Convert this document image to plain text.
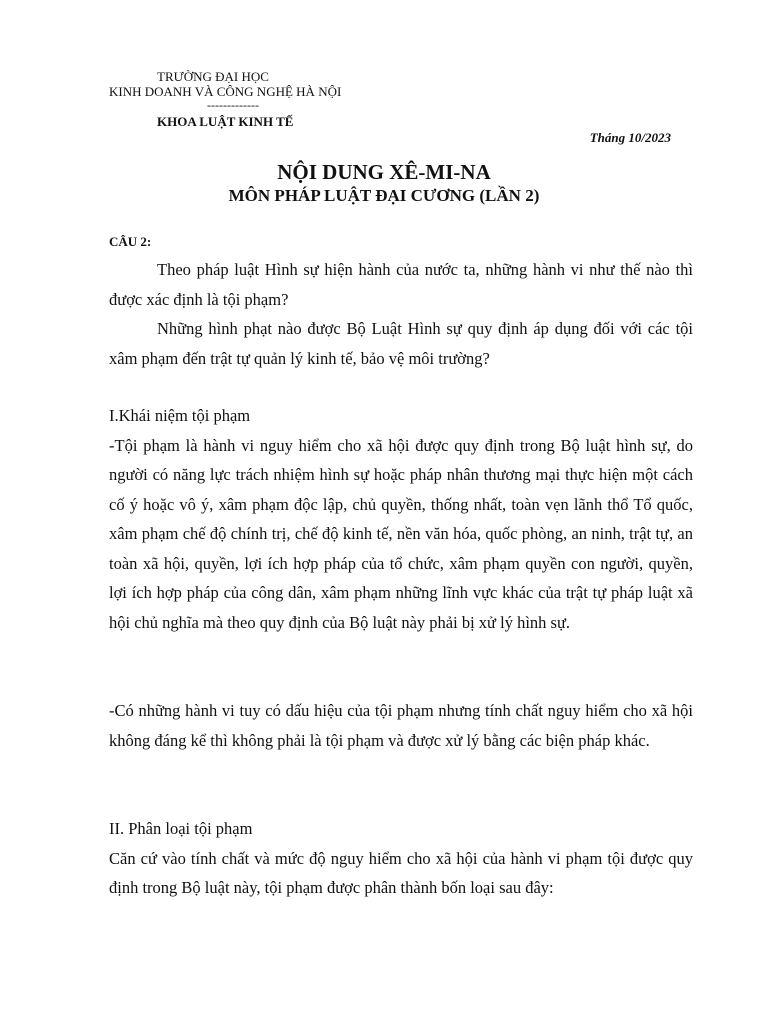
TRƯỜNG ĐẠI HỌC
KINH DOANH VÀ CÔNG NGHỆ HÀ NỘI
-------------
KHOA LUẬT KINH TẾ
Tháng 10/2023
NỘI DUNG XÊ-MI-NA
MÔN PHÁP LUẬT ĐẠI CƯƠNG (LẦN 2)
CÂU 2:

Theo pháp luật Hình sự hiện hành của nước ta, những hành vi như thế nào thì được xác định là tội phạm?

Những hình phạt nào được Bộ Luật Hình sự quy định áp dụng đối với các tội xâm phạm đến trật tự quản lý kinh tế, bảo vệ môi trường?

I.Khái niệm tội phạm

-Tội phạm là hành vi nguy hiểm cho xã hội được quy định trong Bộ luật hình sự, do người có năng lực trách nhiệm hình sự hoặc pháp nhân thương mại thực hiện một cách cố ý hoặc vô ý, xâm phạm độc lập, chủ quyền, thống nhất, toàn vẹn lãnh thổ Tổ quốc, xâm phạm chế độ chính trị, chế độ kinh tế, nền văn hóa, quốc phòng, an ninh, trật tự, an toàn xã hội, quyền, lợi ích hợp pháp của tổ chức, xâm phạm quyền con người, quyền, lợi ích hợp pháp của công dân, xâm phạm những lĩnh vực khác của trật tự pháp luật xã hội chủ nghĩa mà theo quy định của Bộ luật này phải bị xử lý hình sự.

-Có những hành vi tuy có dấu hiệu của tội phạm nhưng tính chất nguy hiểm cho xã hội không đáng kể thì không phải là tội phạm và được xử lý bằng các biện pháp khác.

II. Phân loại tội phạm

Căn cứ vào tính chất và mức độ nguy hiểm cho xã hội của hành vi phạm tội được quy định trong Bộ luật này, tội phạm được phân thành bốn loại sau đây:
